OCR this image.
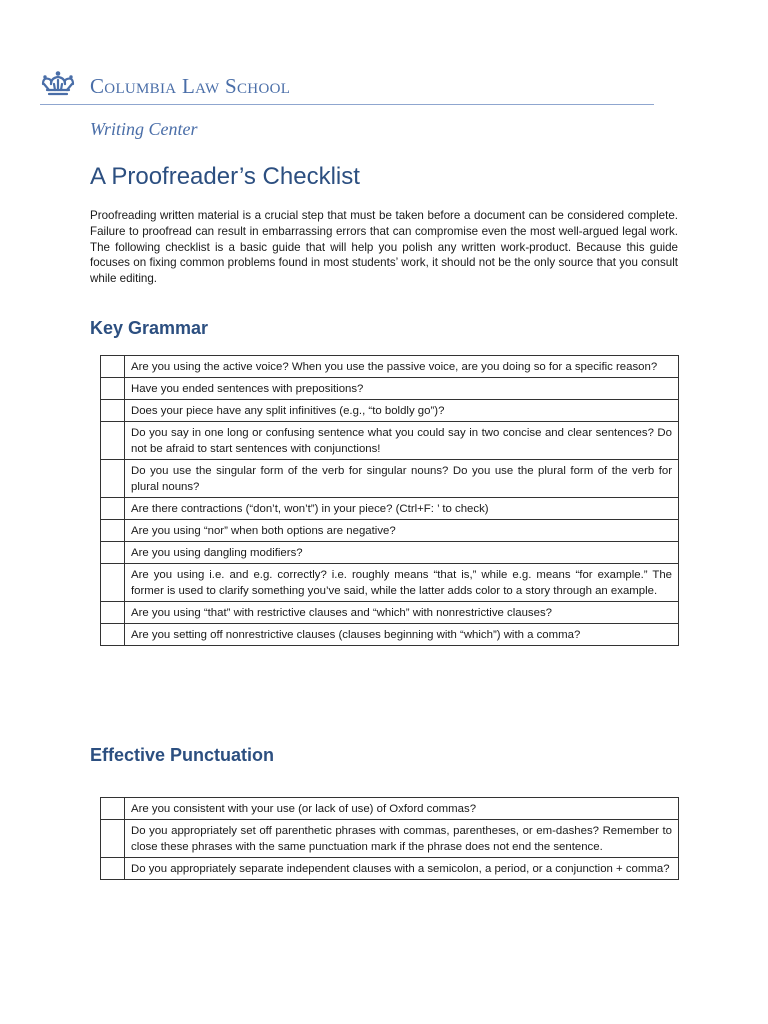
Columbia Law School
Writing Center
A Proofreader’s Checklist

Proofreading written material is a crucial step that must be taken before a document can be considered complete. Failure to proofread can result in embarrassing errors that can compromise even the most well-argued legal work. The following checklist is a basic guide that will help you polish any written work-product. Because this guide focuses on fixing common problems found in most students’ work, it should not be the only source that you consult while editing.

Key Grammar
	Are you using the active voice? When you use the passive voice, are you doing so for a specific reason?
	Have you ended sentences with prepositions?
	Does your piece have any split infinitives (e.g., “to boldly go”)?
	Do you say in one long or confusing sentence what you could say in two concise and clear sentences? Do not be afraid to start sentences with conjunctions!
	Do you use the singular form of the verb for singular nouns? Do you use the plural form of the verb for plural nouns?
	Are there contractions (“don’t, won’t”) in your piece? (Ctrl+F: ’ to check)
	Are you using “nor” when both options are negative?
	Are you using dangling modifiers?
	Are you using i.e. and e.g. correctly? i.e. roughly means “that is,” while e.g. means “for example.” The former is used to clarify something you’ve said, while the latter adds color to a story through an example.
	Are you using “that” with restrictive clauses and “which” with nonrestrictive clauses?
	Are you setting off nonrestrictive clauses (clauses beginning with “which”) with a comma?
Effective Punctuation
	Are you consistent with your use (or lack of use) of Oxford commas?
	Do you appropriately set off parenthetic phrases with commas, parentheses, or em-dashes? Remember to close these phrases with the same punctuation mark if the phrase does not end the sentence.
	Do you appropriately separate independent clauses with a semicolon, a period, or a conjunction + comma?
